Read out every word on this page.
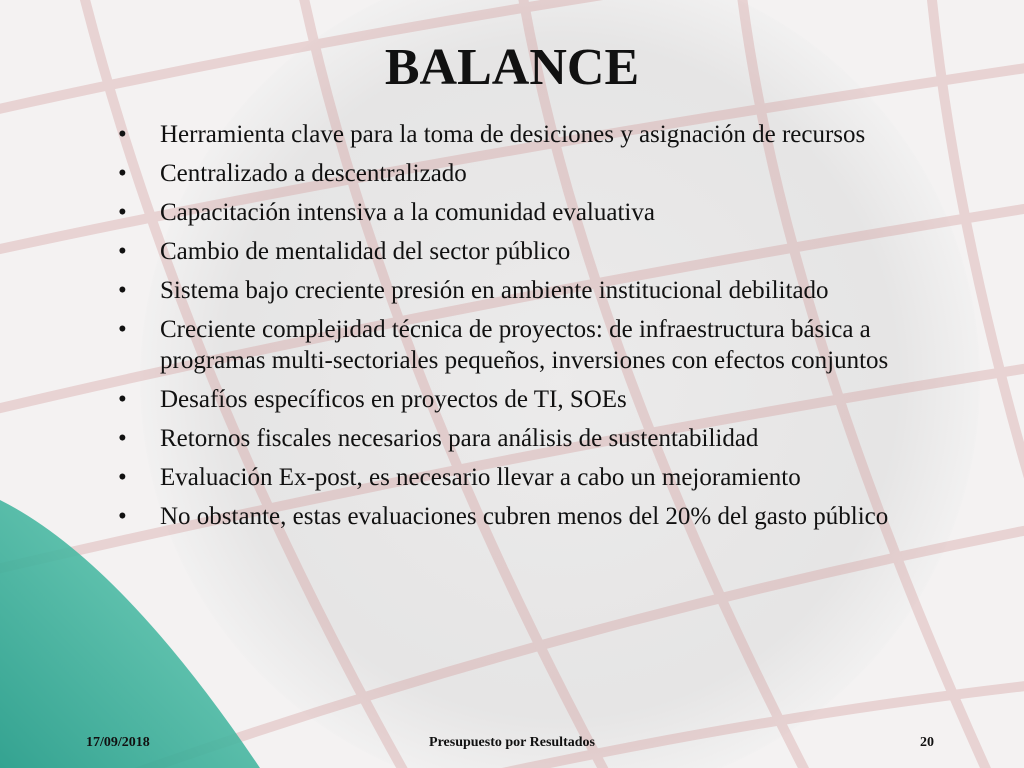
BALANCE
• Herramienta clave para la toma de desiciones y asignación de recursos
• Centralizado a descentralizado
• Capacitación intensiva a la comunidad evaluativa
• Cambio de mentalidad del sector público
• Sistema bajo creciente presión en ambiente institucional debilitado
• Creciente complejidad técnica de proyectos: de infraestructura básica a programas multi-sectoriales pequeños, inversiones con efectos conjuntos
• Desafíos específicos en proyectos de TI, SOEs
• Retornos fiscales necesarios para análisis de sustentabilidad
• Evaluación Ex-post, es necesario llevar a cabo un mejoramiento
• No obstante, estas evaluaciones cubren menos del 20% del gasto público
17/09/2018	Presupuesto por Resultados	20
